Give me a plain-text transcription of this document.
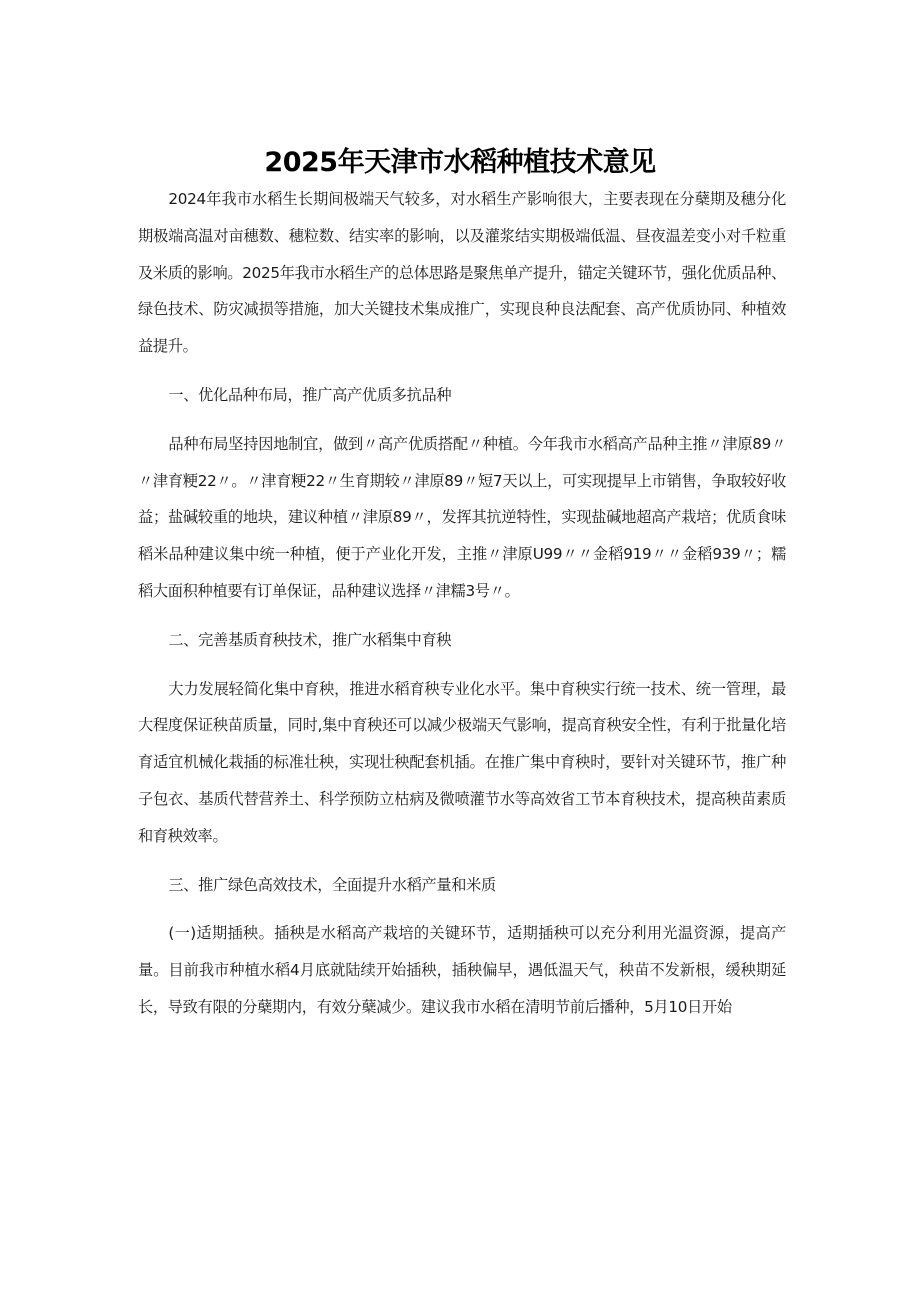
2025年天津市水稻种植技术意见

2024年我市水稻生长期间极端天气较多，对水稻生产影响很大，主要表现在分蘖期及穗分化期极端高温对亩穗数、穗粒数、结实率的影响，以及灌浆结实期极端低温、昼夜温差变小对千粒重及米质的影响。2025年我市水稻生产的总体思路是聚焦单产提升，锚定关键环节，强化优质品种、绿色技术、防灾减损等措施，加大关键技术集成推广，实现良种良法配套、高产优质协同、种植效益提升。

一、优化品种布局，推广高产优质多抗品种

品种布局坚持因地制宜，做到〃高产优质搭配〃种植。今年我市水稻高产品种主推〃津原89〃〃津育粳22〃。〃津育粳22〃生育期较〃津原89〃短7天以上，可实现提早上市销售，争取较好收益；盐碱较重的地块，建议种植〃津原89〃，发挥其抗逆特性，实现盐碱地超高产栽培；优质食味稻米品种建议集中统一种植，便于产业化开发，主推〃津原U99〃〃金稻919〃〃金稻939〃；糯稻大面积种植要有订单保证，品种建议选择〃津糯3号〃。

二、完善基质育秧技术，推广水稻集中育秧

大力发展轻简化集中育秧，推进水稻育秧专业化水平。集中育秧实行统一技术、统一管理，最大程度保证秧苗质量，同时,集中育秧还可以减少极端天气影响，提高育秧安全性，有利于批量化培育适宜机械化栽插的标准壮秧，实现壮秧配套机插。在推广集中育秧时，要针对关键环节，推广种子包衣、基质代替营养土、科学预防立枯病及微喷灌节水等高效省工节本育秧技术，提高秧苗素质和育秧效率。

三、推广绿色高效技术，全面提升水稻产量和米质

(一)适期插秧。插秧是水稻高产栽培的关键环节，适期插秧可以充分利用光温资源，提高产量。目前我市种植水稻4月底就陆续开始插秧，插秧偏早，遇低温天气，秧苗不发新根，缓秧期延长，导致有限的分蘖期内，有效分蘖减少。建议我市水稻在清明节前后播种，5月10日开始
